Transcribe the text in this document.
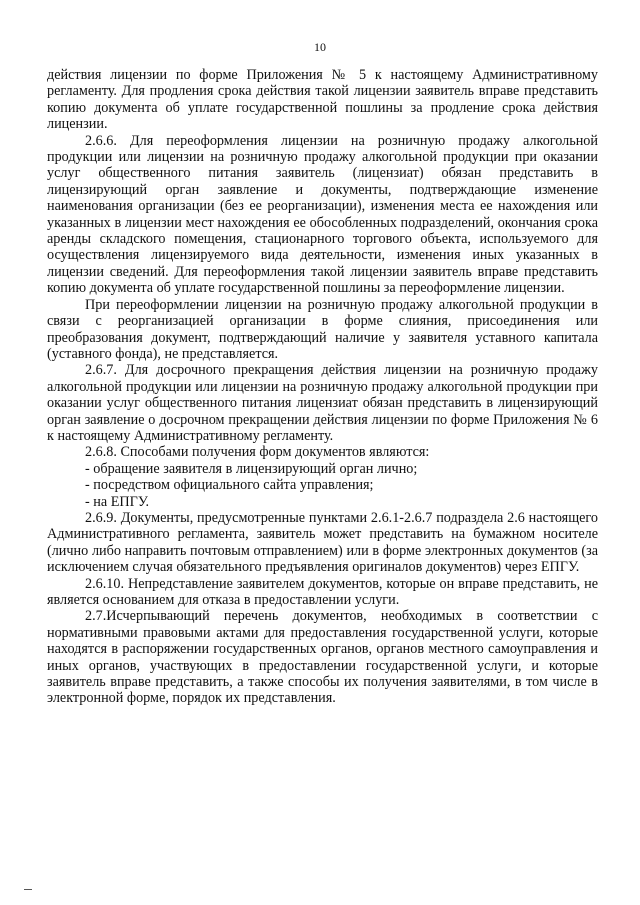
10

действия лицензии по форме Приложения № 5 к настоящему Административному регламенту. Для продления срока действия такой лицензии заявитель вправе представить копию документа об уплате государственной пошлины за продление срока действия лицензии.

2.6.6. Для переоформления лицензии на розничную продажу алкогольной продукции или лицензии на розничную продажу алкогольной продукции при оказании услуг общественного питания заявитель (лицензиат) обязан представить в лицензирующий орган заявление и документы, подтверждающие изменение наименования организации (без ее реорганизации), изменения места ее нахождения или указанных в лицензии мест нахождения ее обособленных подразделений, окончания срока аренды складского помещения, стационарного торгового объекта, используемого для осуществления лицензируемого вида деятельности, изменения иных указанных в лицензии сведений. Для переоформления такой лицензии заявитель вправе представить копию документа об уплате государственной пошлины за переоформление лицензии.

При переоформлении лицензии на розничную продажу алкогольной продукции в связи с реорганизацией организации в форме слияния, присоединения или преобразования документ, подтверждающий наличие у заявителя уставного капитала (уставного фонда), не представляется.

2.6.7. Для досрочного прекращения действия лицензии на розничную продажу алкогольной продукции или лицензии на розничную продажу алкогольной продукции при оказании услуг общественного питания лицензиат обязан представить в лицензирующий орган заявление о досрочном прекращении действия лицензии по форме Приложения № 6 к настоящему Административному регламенту.

2.6.8. Способами получения форм документов являются:

- обращение заявителя в лицензирующий орган лично;

- посредством официального сайта управления;

- на ЕПГУ.

2.6.9. Документы, предусмотренные пунктами 2.6.1-2.6.7 подраздела 2.6 настоящего Административного регламента, заявитель может представить на бумажном носителе (лично либо направить почтовым отправлением) или в форме электронных документов (за исключением случая обязательного предъявления оригиналов документов) через ЕПГУ.

2.6.10. Непредставление заявителем документов, которые он вправе представить, не является основанием для отказа в предоставлении услуги.

2.7.Исчерпывающий перечень документов, необходимых в соответствии с нормативными правовыми актами для предоставления государственной услуги, которые находятся в распоряжении государственных органов, органов местного самоуправления и иных органов, участвующих в предоставлении государственной услуги, и которые заявитель вправе представить, а также способы их получения заявителями, в том числе в электронной форме, порядок их представления.
